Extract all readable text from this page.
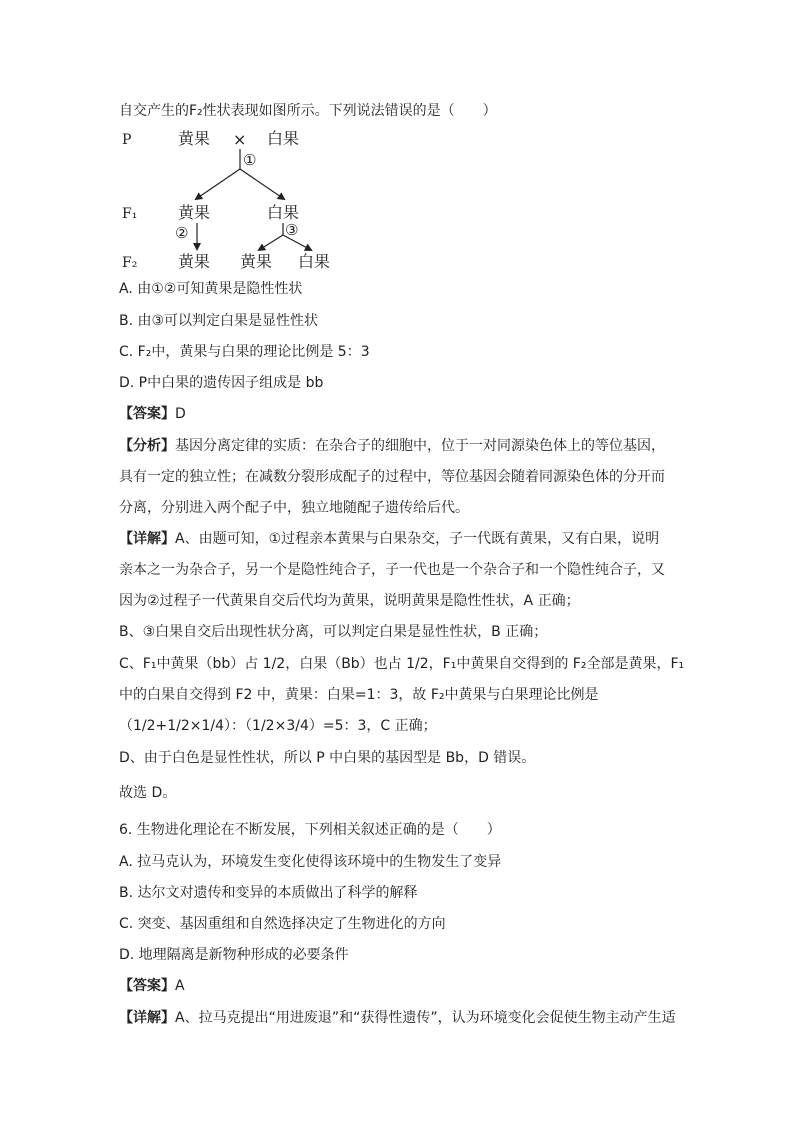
自交产生的F₂性状表现如图所示。下列说法错误的是（　　）
P
F₁
F₂
黄果 × 白果
①
黄果	白果
②	③
黄果 黄果 白果
A. 由①②可知黄果是隐性性状
B. 由③可以判定白果是显性性状
C. F₂中，黄果与白果的理论比例是 5：3
D. P中白果的遗传因子组成是 bb
【答案】D
【分析】基因分离定律的实质：在杂合子的细胞中，位于一对同源染色体上的等位基因，
具有一定的独立性；在减数分裂形成配子的过程中，等位基因会随着同源染色体的分开而
分离，分别进入两个配子中，独立地随配子遗传给后代。
【详解】A、由题可知，①过程亲本黄果与白果杂交，子一代既有黄果，又有白果，说明
亲本之一为杂合子，另一个是隐性纯合子，子一代也是一个杂合子和一个隐性纯合子，又
因为②过程子一代黄果自交后代均为黄果，说明黄果是隐性性状，A 正确；
B、③白果自交后出现性状分离，可以判定白果是显性性状，B 正确；
C、F₁中黄果（bb）占 1/2，白果（Bb）也占 1/2，F₁中黄果自交得到的 F₂全部是黄果，F₁
中的白果自交得到 F2 中，黄果：白果=1：3，故 F₂中黄果与白果理论比例是
（1/2+1/2×1/4）：（1/2×3/4）=5：3，C 正确；
D、由于白色是显性性状，所以 P 中白果的基因型是 Bb，D 错误。
故选 D。
6. 生物进化理论在不断发展，下列相关叙述正确的是（　　）
A. 拉马克认为，环境发生变化使得该环境中的生物发生了变异
B. 达尔文对遗传和变异的本质做出了科学的解释
C. 突变、基因重组和自然选择决定了生物进化的方向
D. 地理隔离是新物种形成的必要条件
【答案】A
【详解】A、拉马克提出“用进废退”和“获得性遗传”，认为环境变化会促使生物主动产生适
